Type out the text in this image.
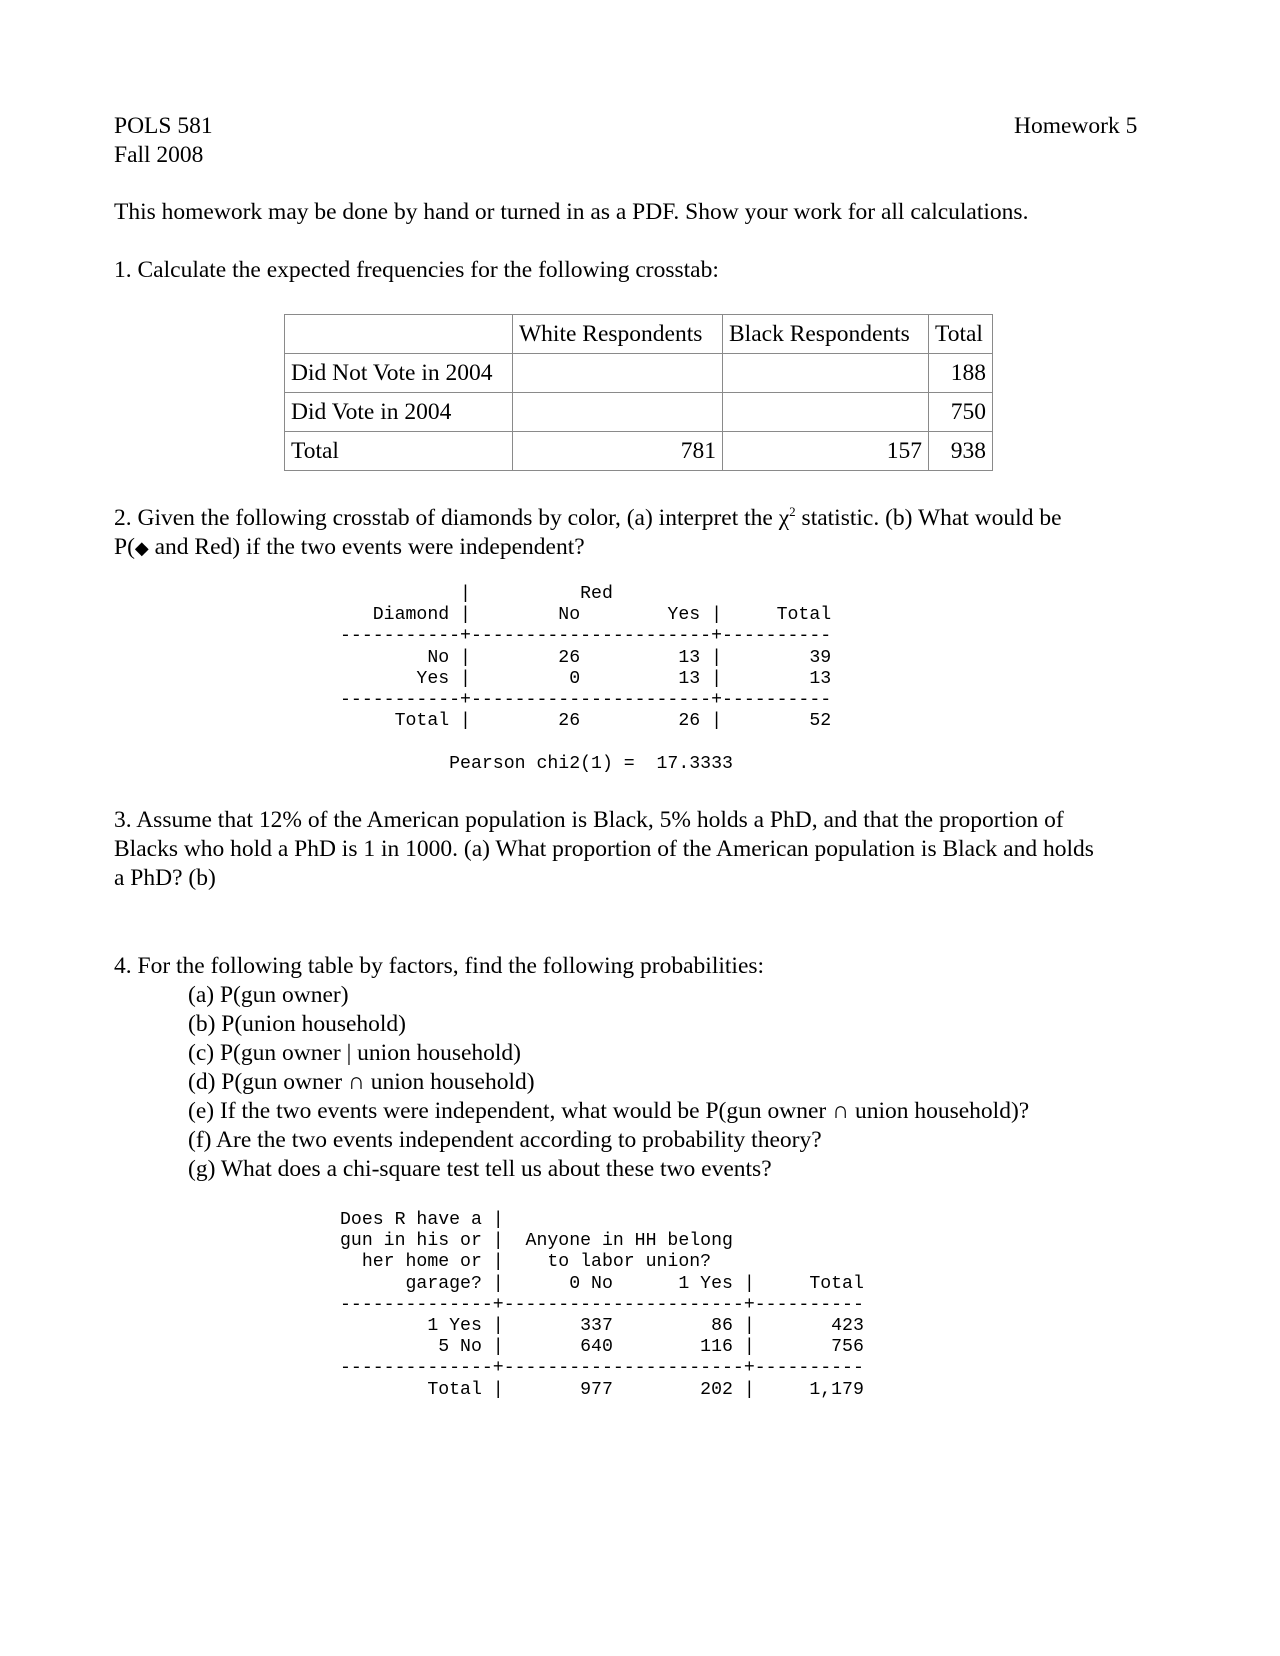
POLS 581
Fall 2008
Homework 5
This homework may be done by hand or turned in as a PDF. Show your work for all calculations.
1. Calculate the expected frequencies for the following crosstab:
	White Respondents	Black Respondents	Total
Did Not Vote in 2004			188
Did Vote in 2004			750
Total	781	157	938
2. Given the following crosstab of diamonds by color, (a) interpret the $\chi^2$ statistic. (b) What would be
P(◆ and Red) if the two events were independent?
|          Red
Diamond |        No        Yes |     Total
-----------+----------------------+----------
No |        26         13 |        39
Yes |         0         13 |        13
-----------+----------------------+----------
Total |        26         26 |        52
Pearson chi2(1) =  17.3333
3. Assume that 12% of the American population is Black, 5% holds a PhD, and that the proportion of
Blacks who hold a PhD is 1 in 1000. (a) What proportion of the American population is Black and holds
a PhD? (b)
4. For the following table by factors, find the following probabilities:
(a) P(gun owner)
(b) P(union household)
(c) P(gun owner | union household)
(d) P(gun owner ∩ union household)
(e) If the two events were independent, what would be P(gun owner ∩ union household)?
(f) Are the two events independent according to probability theory?
(g) What does a chi-square test tell us about these two events?
Does R have a |
gun in his or |  Anyone in HH belong
her home or |    to labor union?
garage? |      0 No      1 Yes |     Total
--------------+----------------------+----------
1 Yes |       337         86 |       423
5 No |       640        116 |       756
--------------+----------------------+----------
Total |       977        202 |     1,179
